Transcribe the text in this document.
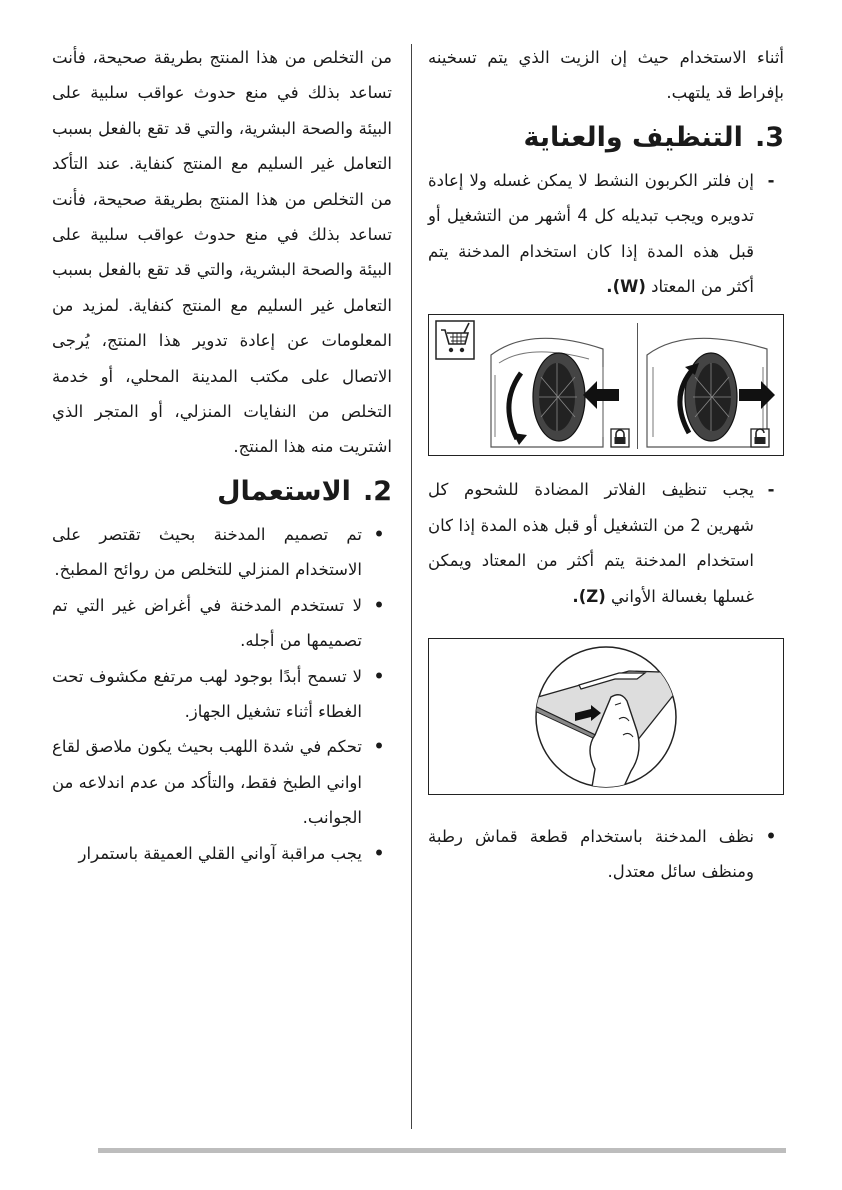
أثناء الاستخدام حيث إن الزيت الذي يتم تسخينه بإفراط قد يلتهب.

3.التنظيف والعناية
-
إن فلتر الكربون النشط لا يمكن غسله ولا إعادة تدويره ويجب تبديله كل 4 أشهر من التشغيل أو قبل هذه المدة إذا كان استخدام المدخنة يتم أكثر من المعتاد (W).
-
يجب تنظيف الفلاتر المضادة للشحوم كل شهرين 2 من التشغيل أو قبل هذه المدة إذا كان استخدام المدخنة يتم أكثر من المعتاد ويمكن غسلها بغسالة الأواني (Z).
•
نظف المدخنة باستخدام قطعة قماش رطبة ومنظف سائل معتدل.

من التخلص من هذا المنتج بطريقة صحيحة، فأنت تساعد بذلك في منع حدوث عواقب سلبية على البيئة والصحة البشرية، والتي قد تقع بالفعل بسبب التعامل غير السليم مع المنتج كنفاية. عند التأكد من التخلص من هذا المنتج بطريقة صحيحة، فأنت تساعد بذلك في منع حدوث عواقب سلبية على البيئة والصحة البشرية، والتي قد تقع بالفعل بسبب التعامل غير السليم مع المنتج كنفاية. لمزيد من المعلومات عن إعادة تدوير هذا المنتج، يُرجى الاتصال على مكتب المدينة المحلي، أو خدمة التخلص من النفايات المنزلي، أو المتجر الذي اشتريت منه هذا المنتج.

2.الاستعمال
•
تم تصميم المدخنة بحيث تقتصر على الاستخدام المنزلي للتخلص من روائح المطبخ.
•
لا تستخدم المدخنة في أغراض غير التي تم تصميمها من أجله.
•
لا تسمح أبدًا بوجود لهب مرتفع مكشوف تحت الغطاء أثناء تشغيل الجهاز.
•
تحكم في شدة اللهب بحيث يكون ملاصق لقاع اواني الطبخ فقط، والتأكد من عدم اندلاعه من الجوانب.
•
يجب مراقبة آواني القلي العميقة باستمرار
